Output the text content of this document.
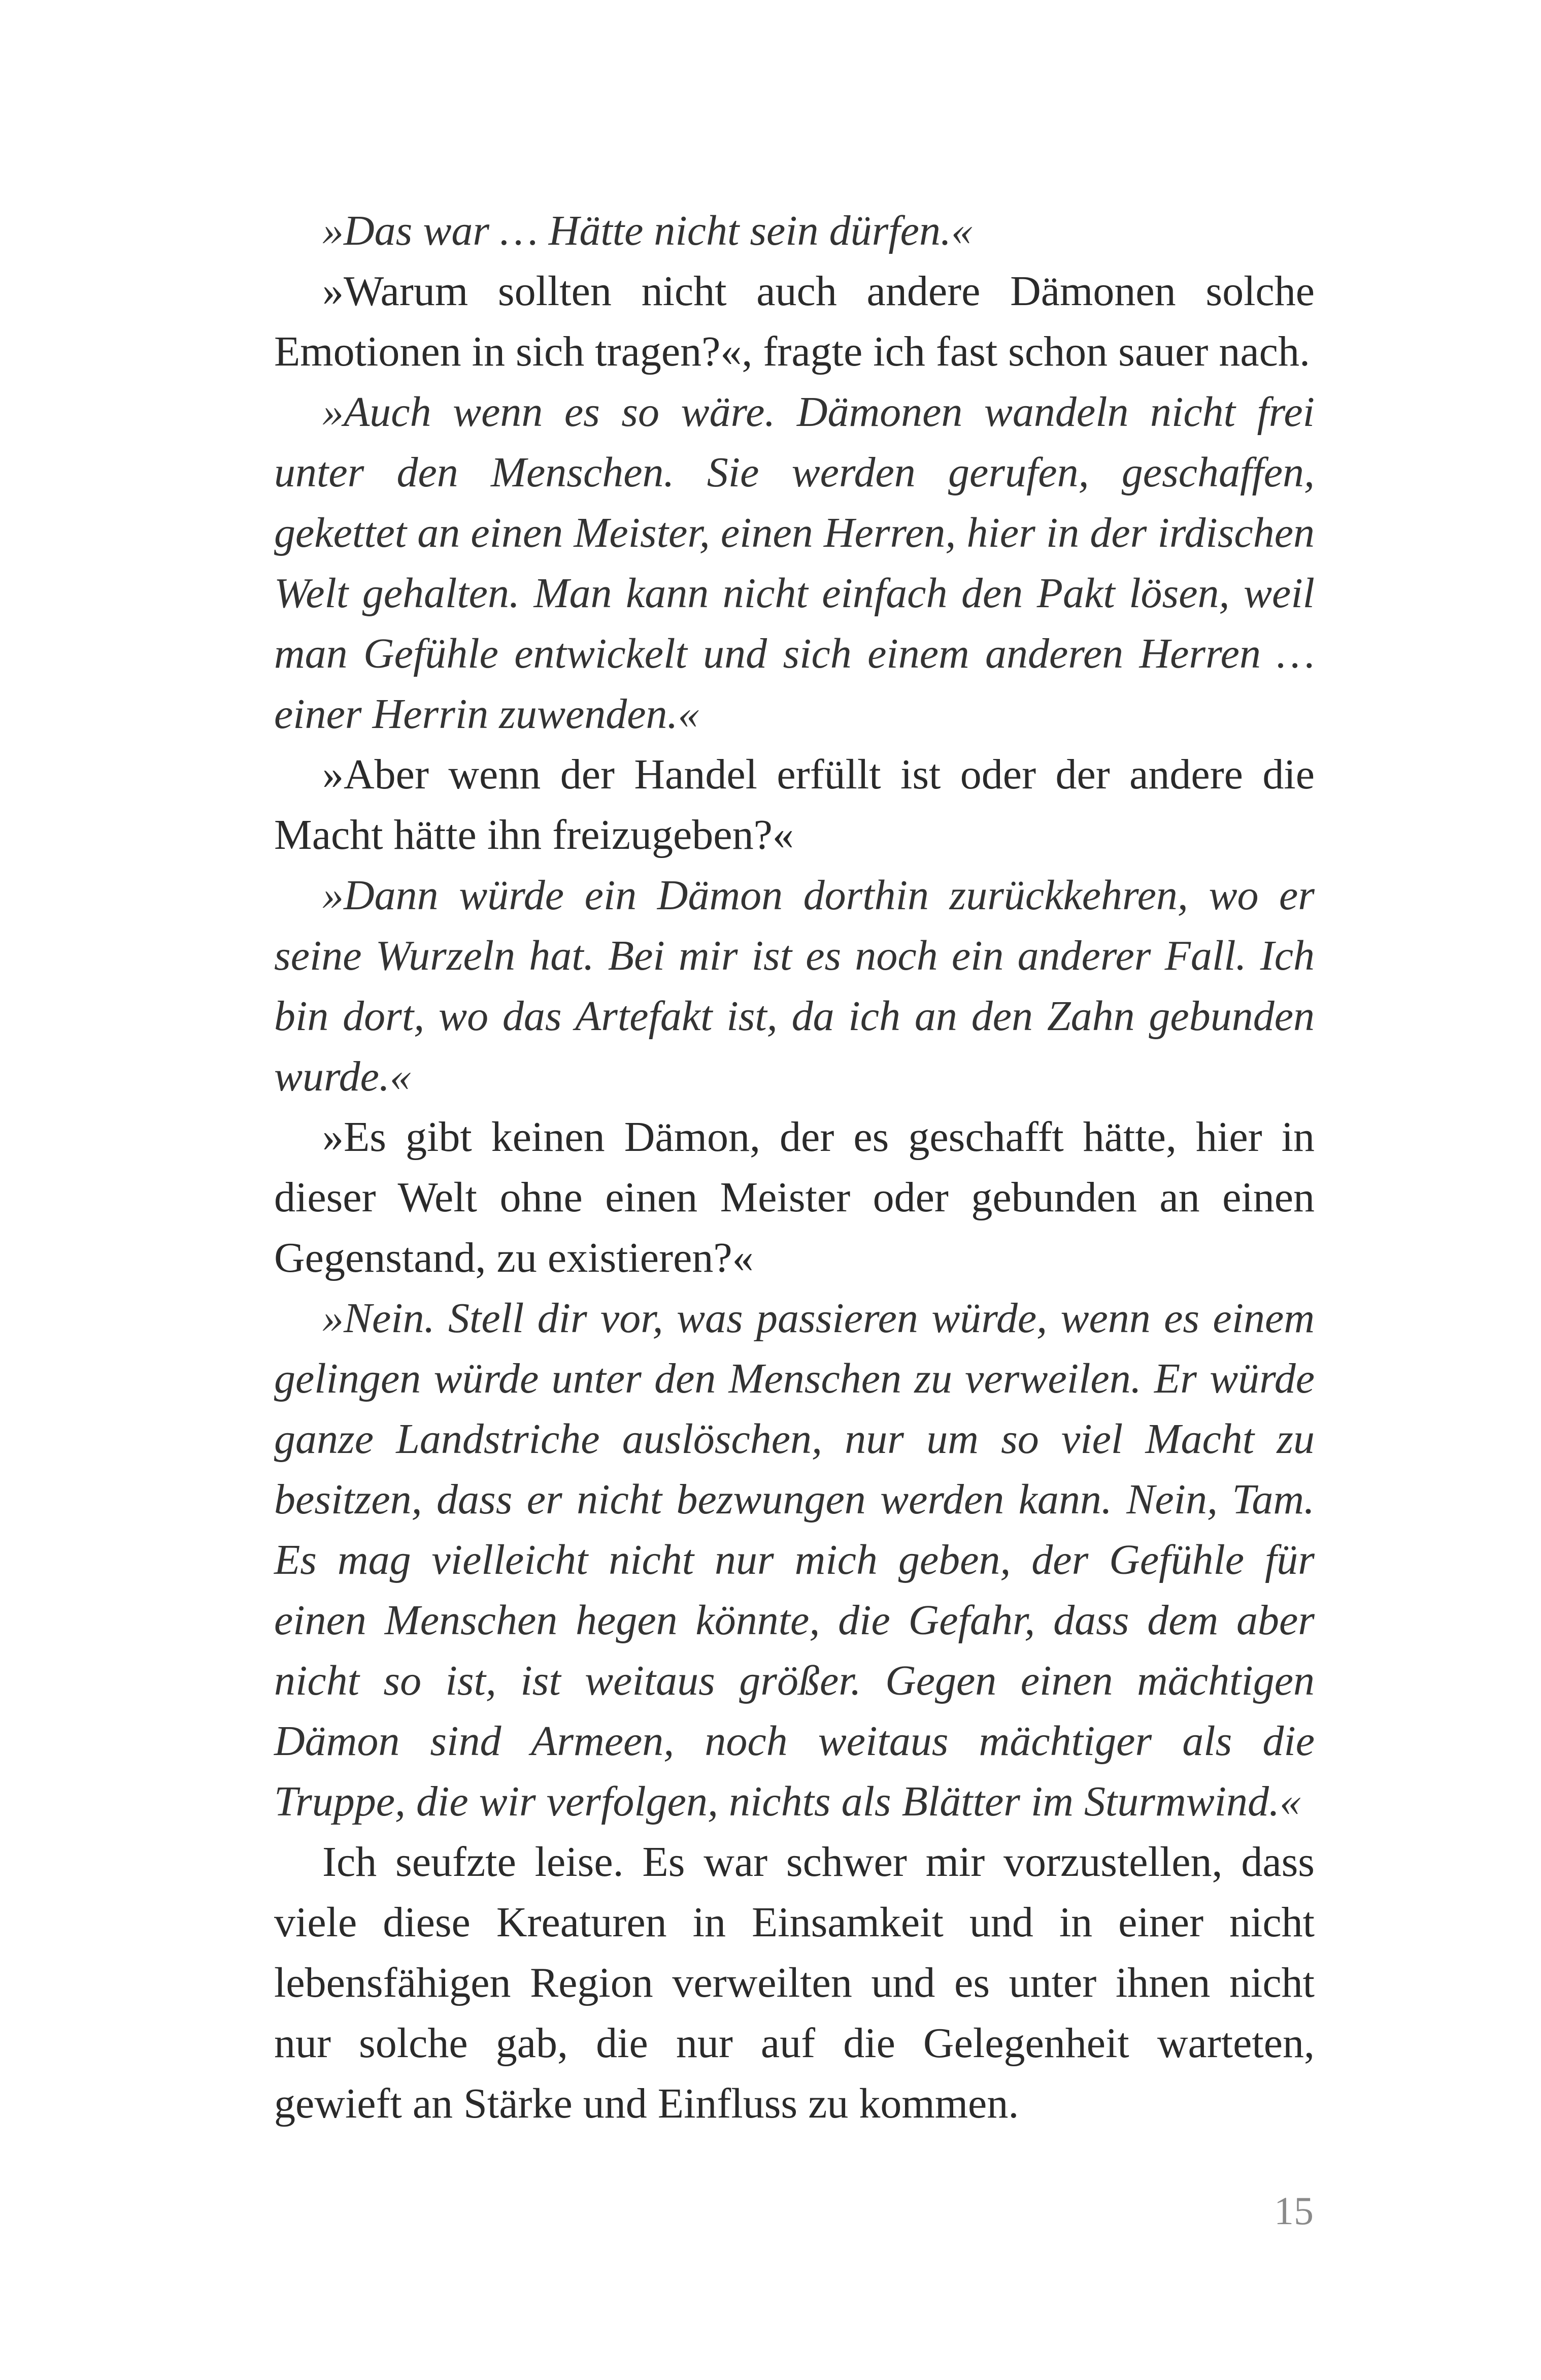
»Das war … Hätte nicht sein dürfen.«

»Warum sollten nicht auch andere Dämonen solche Emotionen in sich tragen?«, fragte ich fast schon sauer nach.

»Auch wenn es so wäre. Dämonen wandeln nicht frei unter den Menschen. Sie werden gerufen, geschaffen, gekettet an einen Meister, einen Herren, hier in der irdischen Welt gehalten. Man kann nicht einfach den Pakt lösen, weil man Gefühle entwickelt und sich einem anderen Herren … einer Herrin zuwenden.«

»Aber wenn der Handel erfüllt ist oder der andere die Macht hätte ihn freizugeben?«

»Dann würde ein Dämon dorthin zurückkehren, wo er seine Wurzeln hat. Bei mir ist es noch ein anderer Fall. Ich bin dort, wo das Artefakt ist, da ich an den Zahn gebunden wurde.«

»Es gibt keinen Dämon, der es geschafft hätte, hier in dieser Welt ohne einen Meister oder gebunden an einen Gegenstand, zu existieren?«

»Nein. Stell dir vor, was passieren würde, wenn es einem gelingen würde unter den Menschen zu verweilen. Er würde ganze Landstriche auslöschen, nur um so viel Macht zu besitzen, dass er nicht bezwungen werden kann. Nein, Tam. Es mag vielleicht nicht nur mich geben, der Gefühle für einen Menschen hegen könnte, die Gefahr, dass dem aber nicht so ist, ist weitaus größer. Gegen einen mächtigen Dämon sind Armeen, noch weitaus mächtiger als die Truppe, die wir verfolgen, nichts als Blätter im Sturmwind.«

Ich seufzte leise. Es war schwer mir vorzustellen, dass viele diese Kreaturen in Einsamkeit und in einer nicht lebensfähigen Region verweilten und es unter ihnen nicht nur solche gab, die nur auf die Gelegenheit warteten, gewieft an Stärke und Einfluss zu kommen.

15
